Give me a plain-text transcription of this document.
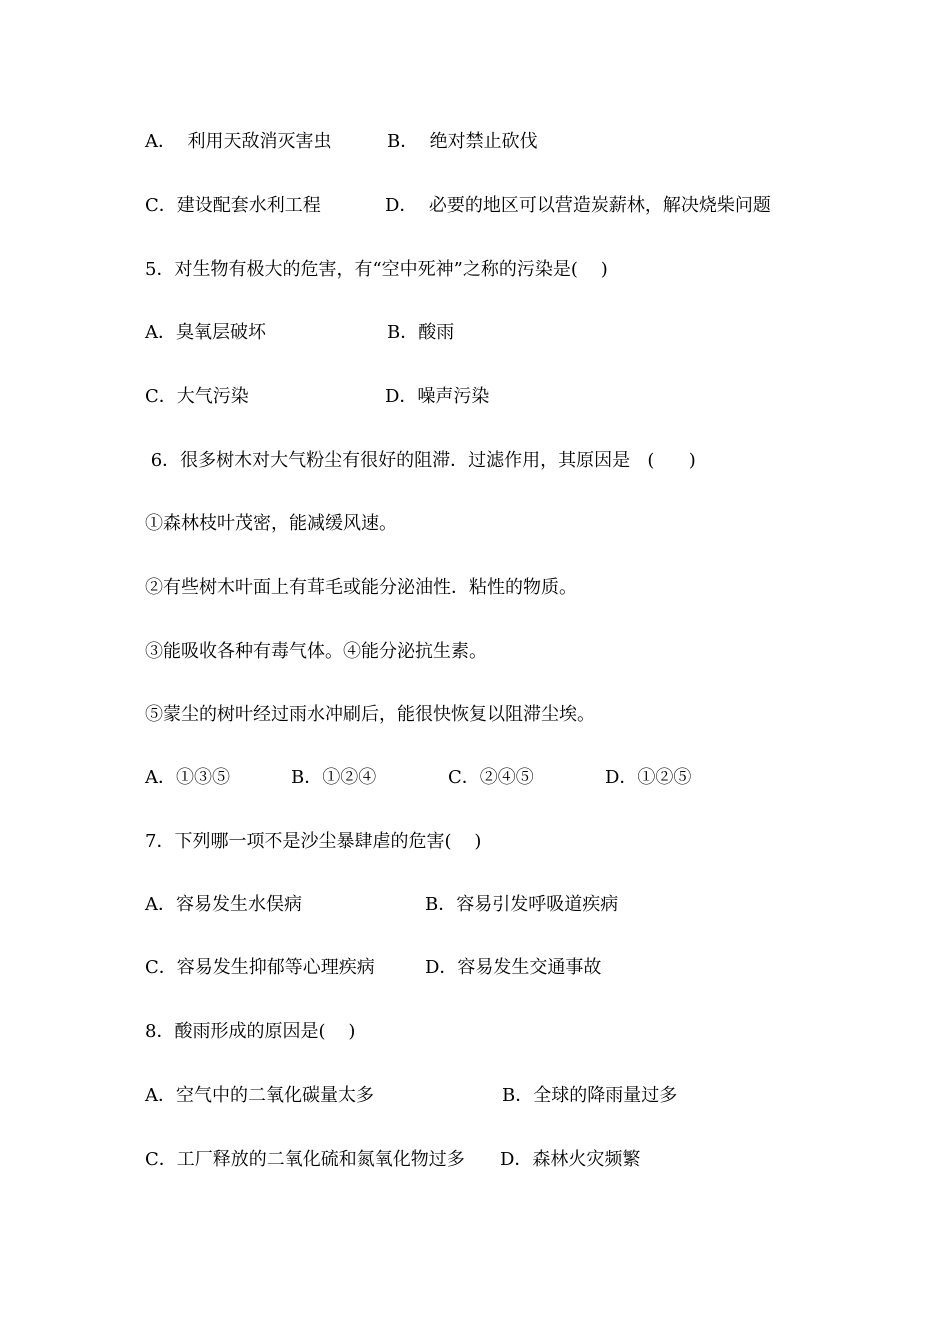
A．  利用天敌消灭害虫

	B．  绝对禁止砍伐

C．建设配套水利工程

	D．  必要的地区可以营造炭薪林，解决烧柴问题

5．对生物有极大的危害，有“空中死神”之称的污染是(    )

A．臭氧层破坏

	B．酸雨

C．大气污染

	D．噪声污染

6．很多树木对大气粉尘有很好的阻滞．过滤作用，其原因是   (      )
①森林枝叶茂密，能减缓风速。
②有些树木叶面上有茸毛或能分泌油性．粘性的物质。
③能吸收各种有毒气体。④能分泌抗生素。
⑤蒙尘的树叶经过雨水冲刷后，能很快恢复以阻滞尘埃。

A．①③⑤

	B．①②④

	C．②④⑤

	D．①②⑤

7．下列哪一项不是沙尘暴肆虐的危害(    )

A．容易发生水俣病

	B．容易引发呼吸道疾病

C．容易发生抑郁等心理疾病

	D．容易发生交通事故

8．酸雨形成的原因是(    )

A．空气中的二氧化碳量太多

	B．全球的降雨量过多

C．工厂释放的二氧化硫和氮氧化物过多

D．森林火灾频繁
